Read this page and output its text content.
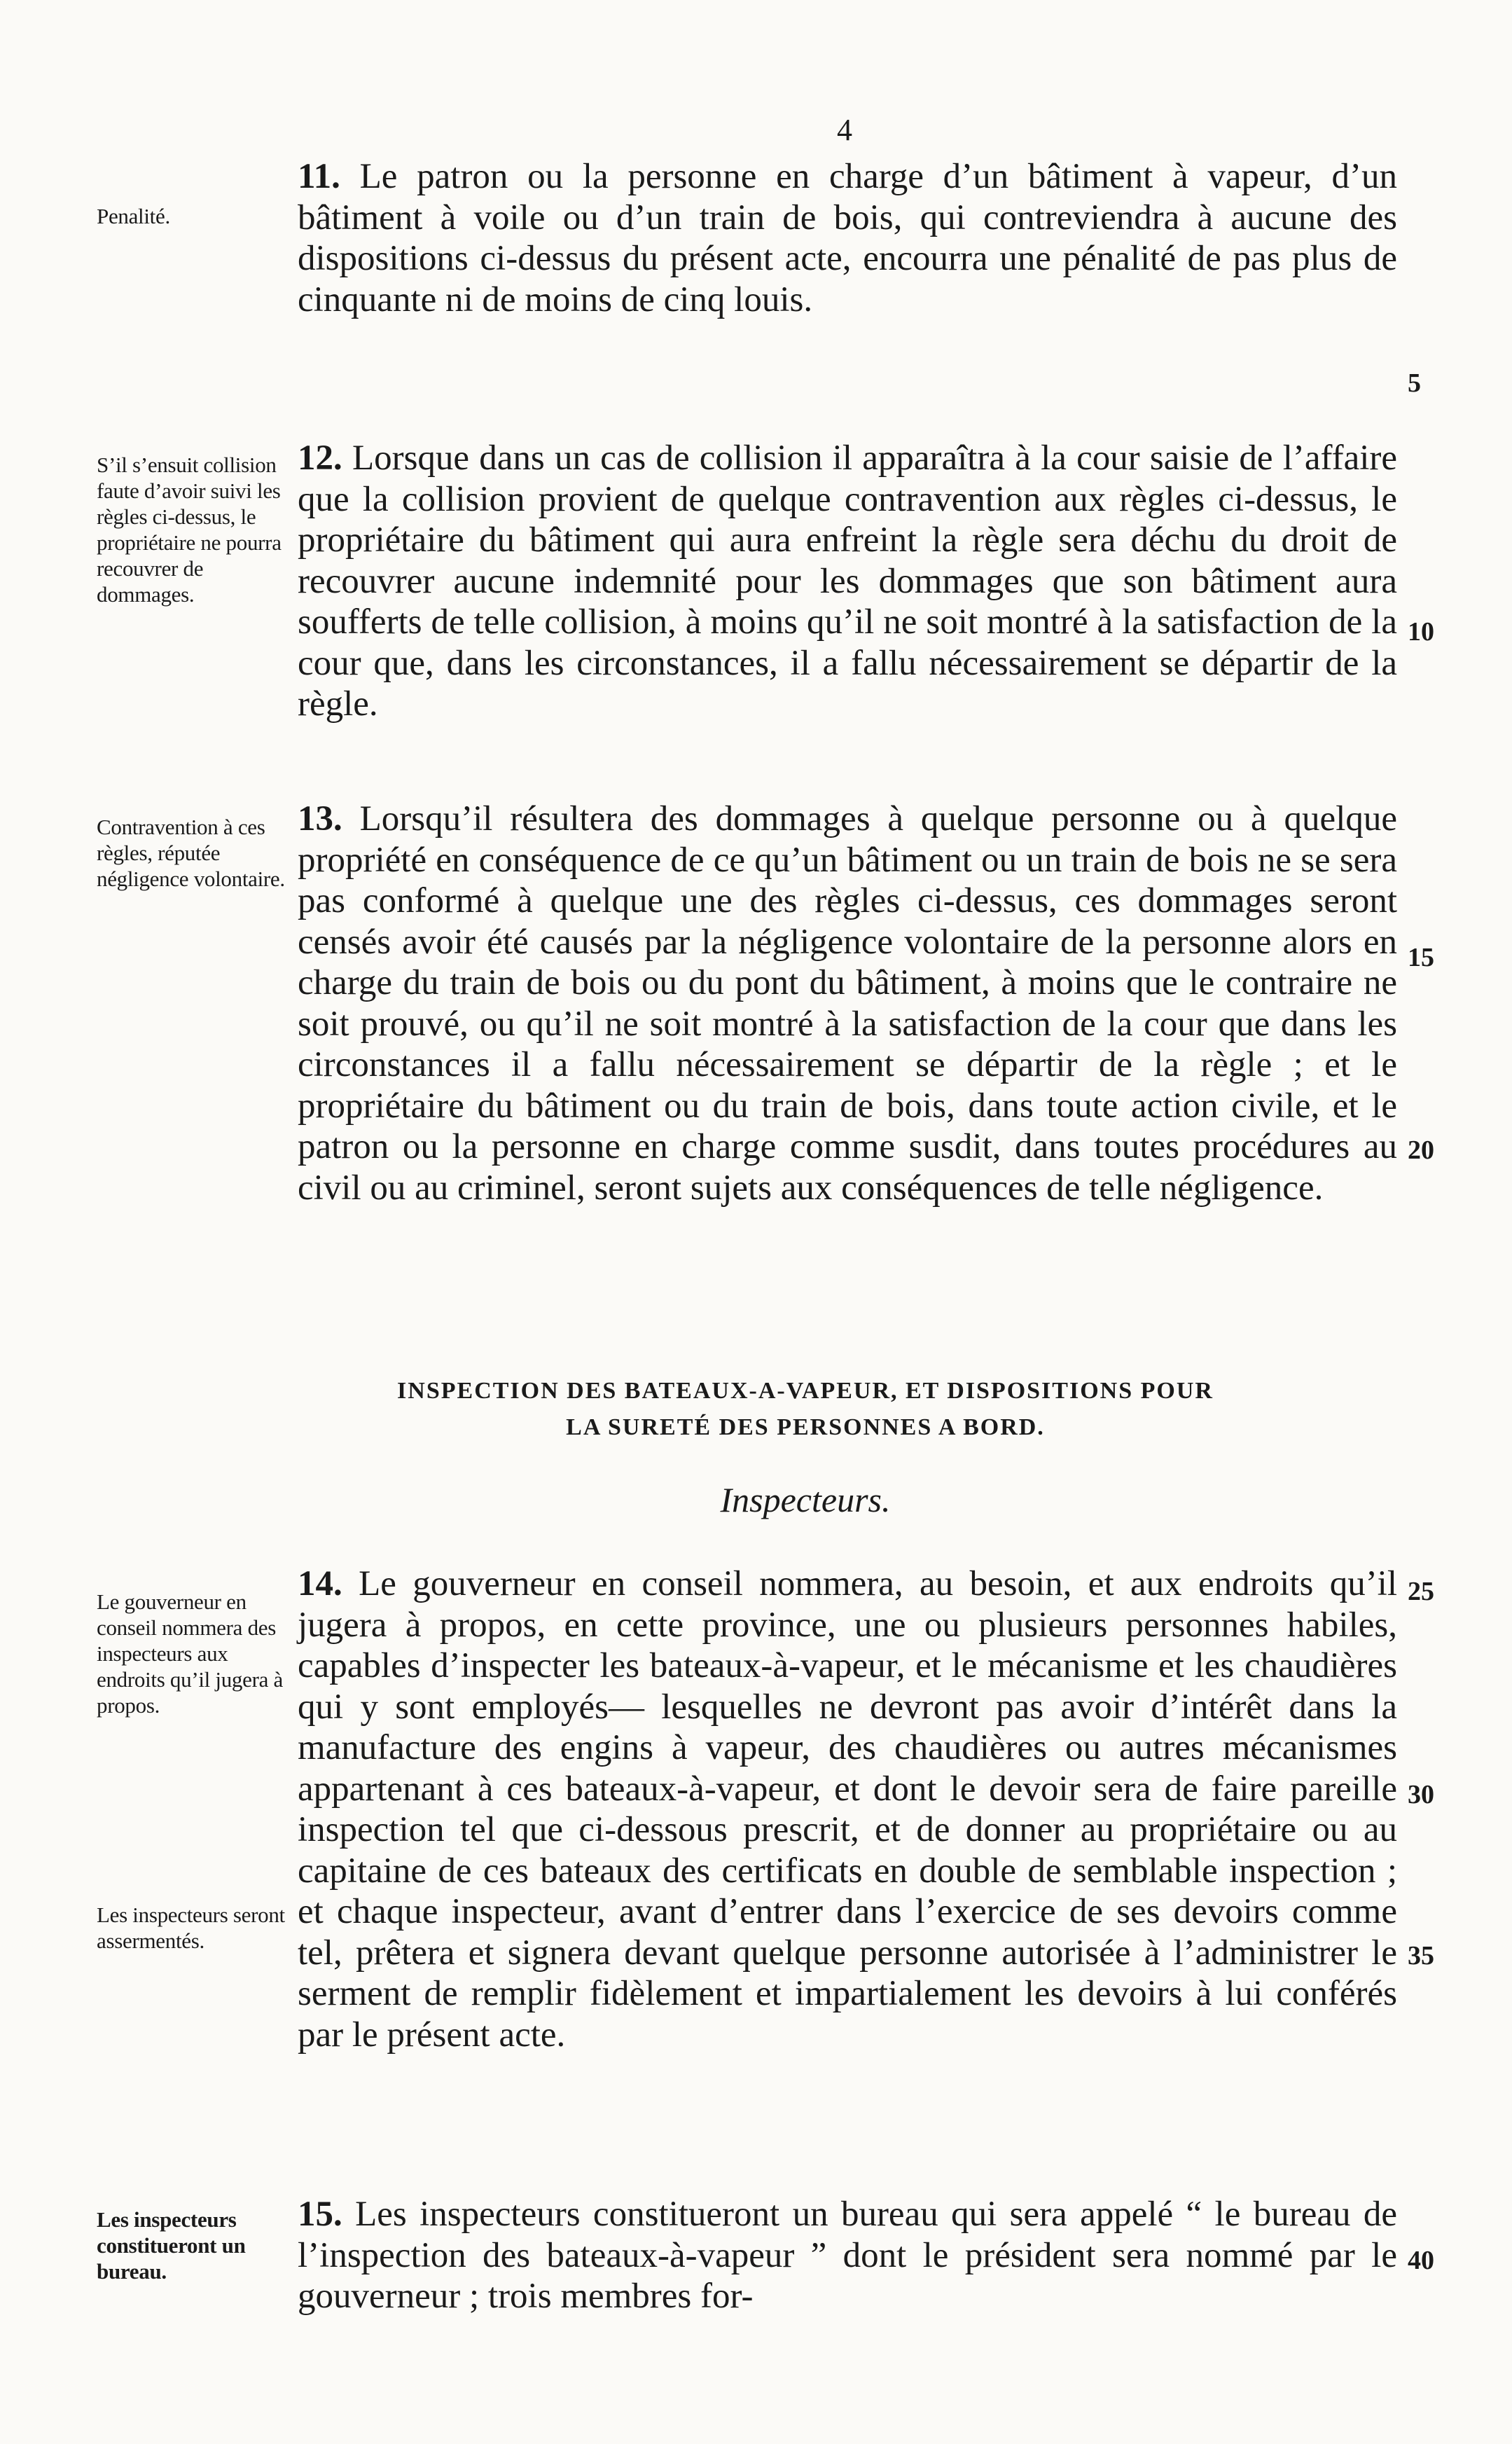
4
Penalité.

11. Le patron ou la personne en charge d’un bâtiment à vapeur, d’un bâtiment à voile ou d’un train de bois, qui contreviendra à aucune des dispositions ci-dessus du présent acte, encourra une pénalité de pas plus de cinquante ni de moins de cinq louis.

5
S’il s’ensuit collision faute d’avoir suivi les règles ci-dessus, le propriétaire ne pourra recouvrer de dommages.

12. Lorsque dans un cas de collision il apparaîtra à la cour saisie de l’affaire que la collision provient de quelque contravention aux règles ci-dessus, le propriétaire du bâtiment qui aura enfreint la règle sera déchu du droit de recouvrer aucune indemnité pour les dommages que son bâtiment aura soufferts de telle collision, à moins qu’il ne soit montré à la satisfaction de la cour que, dans les circonstances, il a fallu nécessairement se départir de la règle.

10
Contravention à ces règles, réputée négligence volontaire.

13. Lorsqu’il résultera des dommages à quelque personne ou à quelque propriété en conséquence de ce qu’un bâtiment ou un train de bois ne se sera pas conformé à quelque une des règles ci-dessus, ces dommages seront censés avoir été causés par la négligence volontaire de la personne alors en charge du train de bois ou du pont du bâtiment, à moins que le contraire ne soit prouvé, ou qu’il ne soit montré à la satisfaction de la cour que dans les circonstances il a fallu nécessairement se départir de la règle ; et le propriétaire du bâtiment ou du train de bois, dans toute action civile, et le patron ou la personne en charge comme susdit, dans toutes procédures au civil ou au criminel, seront sujets aux conséquences de telle négligence.

15
20
INSPECTION DES BATEAUX-A-VAPEUR, ET DISPOSITIONS POUR
LA SURETÉ DES PERSONNES A BORD.
Inspecteurs.
Le gouverneur en conseil nommera des inspecteurs aux endroits qu’il jugera à propos.
Les inspecteurs seront assermentés.

14. Le gouverneur en conseil nommera, au besoin, et aux endroits qu’il jugera à propos, en cette province, une ou plusieurs personnes habiles, capables d’inspecter les bateaux-à-vapeur, et le mécanisme et les chaudières qui y sont employés— lesquelles ne devront pas avoir d’intérêt dans la manufacture des engins à vapeur, des chaudières ou autres mécanismes appartenant à ces bateaux-à-vapeur, et dont le devoir sera de faire pareille inspection tel que ci-dessous prescrit, et de donner au propriétaire ou au capitaine de ces bateaux des certificats en double de semblable inspection ; et chaque inspecteur, avant d’entrer dans l’exercice de ses devoirs comme tel, prêtera et signera devant quelque personne autorisée à l’administrer le serment de remplir fidèlement et impartialement les devoirs à lui conférés par le présent acte.

25
30
35
Les inspecteurs constitueront un bureau.

15. Les inspecteurs constitueront un bureau qui sera appelé “ le bureau de l’inspection des bateaux-à-vapeur ” dont le président sera nommé par le gouverneur ; trois membres for-

40
